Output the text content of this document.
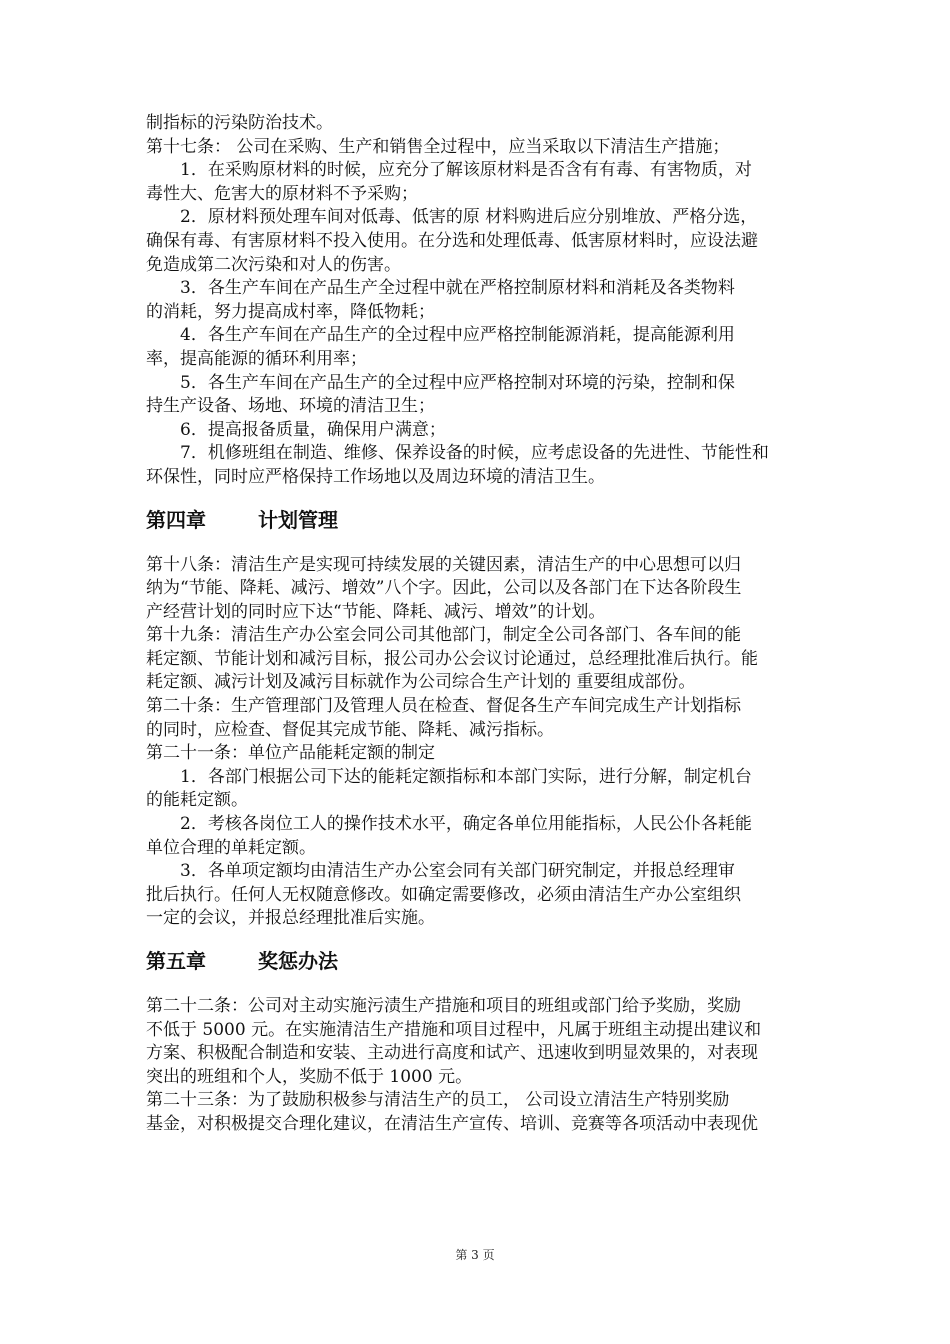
制指标的污染防治技术。

第十七条： 公司在采购、生产和销售全过程中，应当采取以下清洁生产措施；

1．在采购原材料的时候，应充分了解该原材料是否含有有毒、有害物质，对

毒性大、危害大的原材料不予采购；

2．原材料预处理车间对低毒、低害的原 材料购进后应分别堆放、严格分选，

确保有毒、有害原材料不投入使用。在分选和处理低毒、低害原材料时，应设法避

免造成第二次污染和对人的伤害。

3．各生产车间在产品生产全过程中就在严格控制原材料和消耗及各类物料

的消耗，努力提高成村率，降低物耗；

4．各生产车间在产品生产的全过程中应严格控制能源消耗，提高能源利用

率，提高能源的循环利用率；

5．各生产车间在产品生产的全过程中应严格控制对环境的污染，控制和保

持生产设备、场地、环境的清洁卫生；

6．提高报备质量，确保用户满意；

7．机修班组在制造、维修、保养设备的时候，应考虑设备的先进性、节能性和

环保性，同时应严格保持工作场地以及周边环境的清洁卫生。

第四章	计划管理

第十八条：清洁生产是实现可持续发展的关键因素，清洁生产的中心思想可以归

纳为“节能、降耗、减污、增效”八个字。因此，公司以及各部门在下达各阶段生

产经营计划的同时应下达“节能、降耗、减污、增效”的计划。

第十九条：清洁生产办公室会同公司其他部门，制定全公司各部门、各车间的能

耗定额、节能计划和减污目标，报公司办公会议讨论通过，总经理批准后执行。能

耗定额、减污计划及减污目标就作为公司综合生产计划的 重要组成部份。

第二十条：生产管理部门及管理人员在检查、督促各生产车间完成生产计划指标

的同时，应检查、督促其完成节能、降耗、减污指标。

第二十一条：单位产品能耗定额的制定

1．各部门根据公司下达的能耗定额指标和本部门实际，进行分解，制定机台

的能耗定额。

2．考核各岗位工人的操作技术水平，确定各单位用能指标，人民公仆各耗能

单位合理的单耗定额。

3．各单项定额均由清洁生产办公室会同有关部门研究制定，并报总经理审

批后执行。任何人无权随意修改。如确定需要修改，必须由清洁生产办公室组织

一定的会议，并报总经理批准后实施。

第五章	奖惩办法

第二十二条：公司对主动实施污渍生产措施和项目的班组或部门给予奖励，奖励

不低于 5000 元。在实施清洁生产措施和项目过程中，凡属于班组主动提出建议和

方案、积极配合制造和安装、主动进行高度和试产、迅速收到明显效果的，对表现

突出的班组和个人，奖励不低于 1000 元。

第二十三条：为了鼓励积极参与清洁生产的员工， 公司设立清洁生产特别奖励

基金，对积极提交合理化建议，在清洁生产宣传、培训、竞赛等各项活动中表现优

第 3 页
